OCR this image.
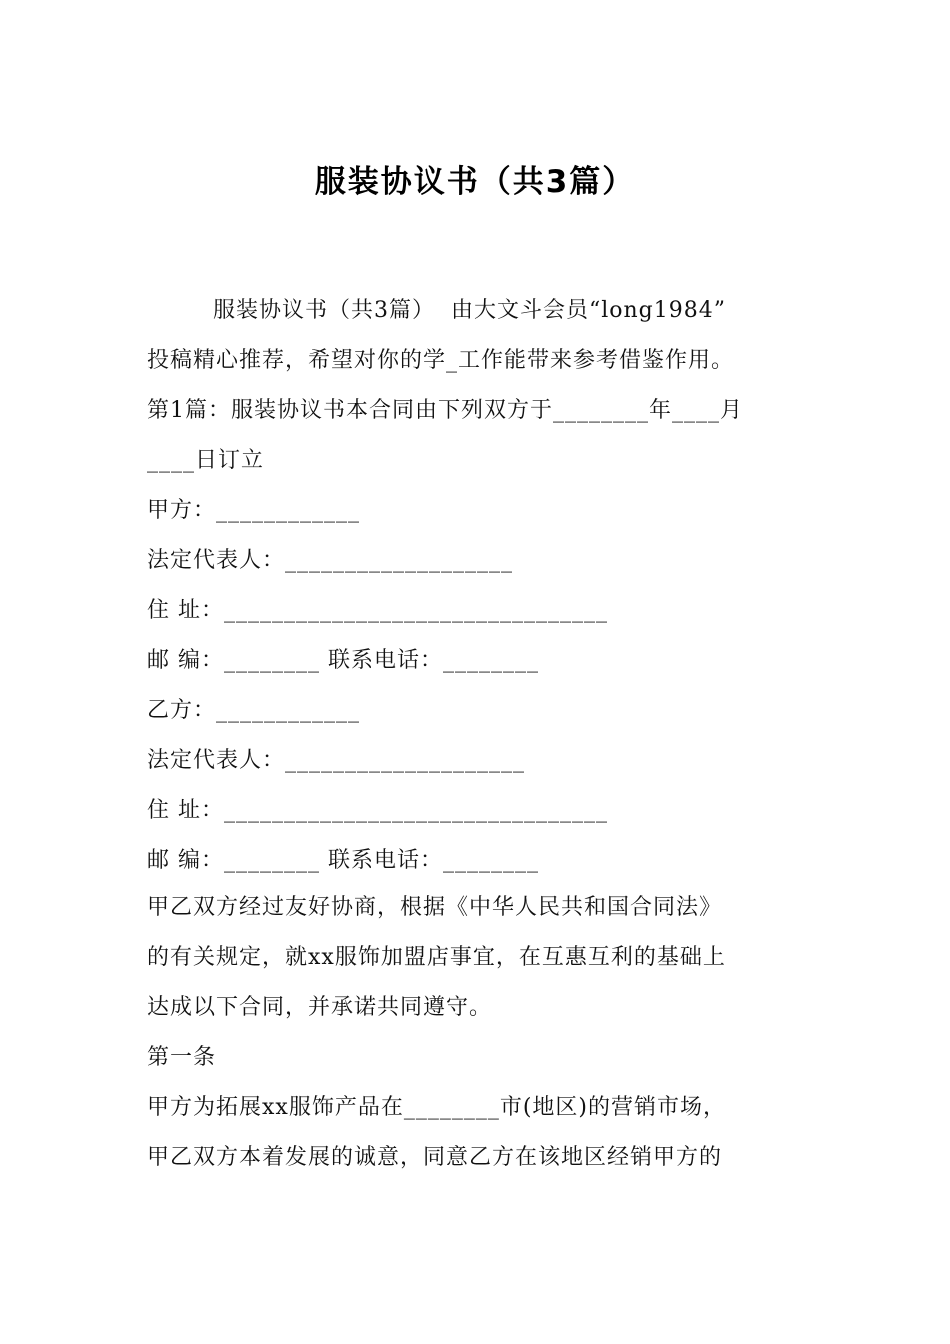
服装协议书（共3篇）
服装协议书（共3篇）  由大文斗会员“long1984”
投稿精心推荐，希望对你的学_工作能带来参考借鉴作用。
第1篇：服装协议书本合同由下列双方于________年____月
____日订立
甲方：____________
法定代表人：___________________
住 址：________________________________
邮 编：________ 联系电话：________
乙方：____________
法定代表人：____________________
住 址：________________________________
邮 编：________ 联系电话：________
甲乙双方经过友好协商，根据《中华人民共和国合同法》
的有关规定，就xx服饰加盟店事宜，在互惠互利的基础上
达成以下合同，并承诺共同遵守。
第一条
甲方为拓展xx服饰产品在________市(地区)的营销市场，
甲乙双方本着发展的诚意，同意乙方在该地区经销甲方的
